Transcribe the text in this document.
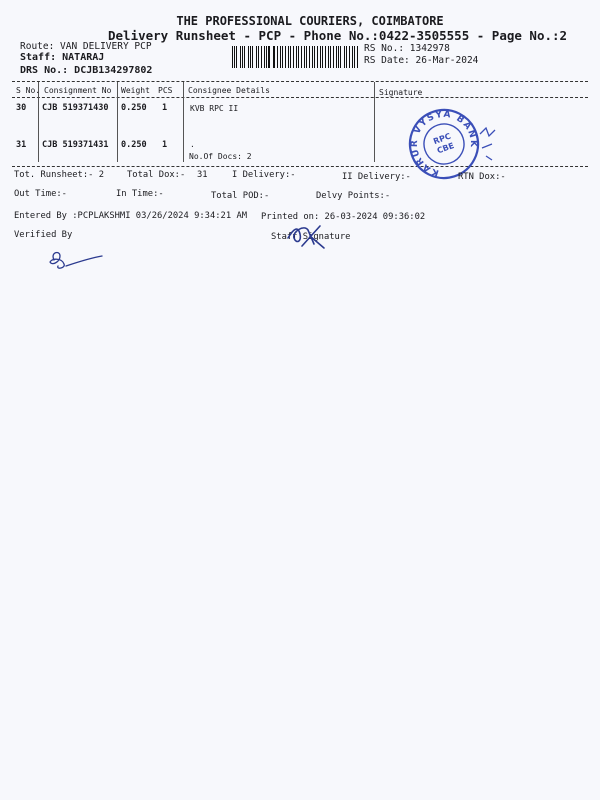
THE PROFESSIONAL COURIERS, COIMBATORE
Delivery Runsheet - PCP - Phone No.:0422-3505555 - Page No.:2
Route: VAN DELIVERY PCP
Staff: NATARAJ
DRS No.: DCJB134297802
RS No.: 1342978
RS Date: 26-Mar-2024
S No. Consignment No Weight PCS Consignee Details	Signature
30 CJB 519371430 0.250 1	KVB RPC II
31 CJB 519371431 0.250 1	.
No.Of Docs: 2
KARUR VYSYA BANK
RPC
CBE
Tot. Runsheet:- 2	Total Dox:- 31	I Delivery:-	II Delivery:-	RTN Dox:-
Out Time:-	In Time:-	Total POD:-	Delvy Points:-
Entered By :PCPLAKSHMI 03/26/2024 9:34:21 AM Printed on: 26-03-2024 09:36:02
Verified By	Staff Signature
